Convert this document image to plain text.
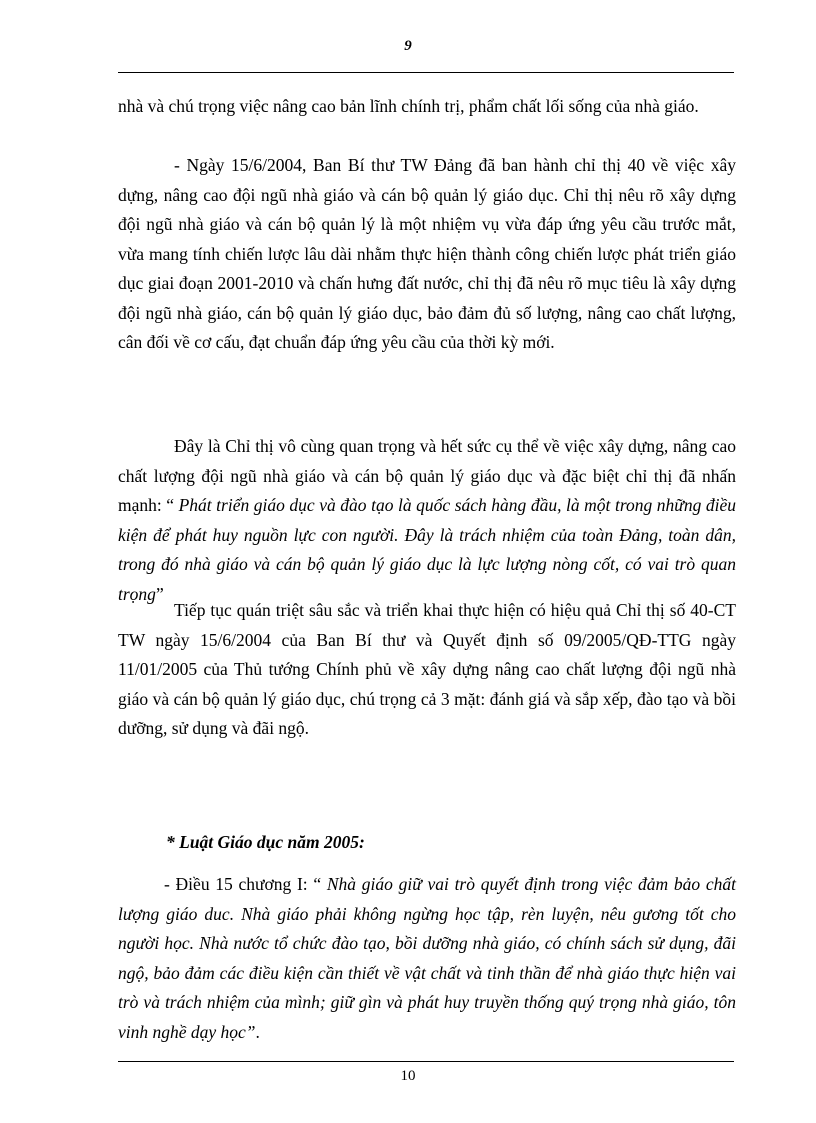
9

nhà và chú trọng việc nâng cao bản lĩnh chính trị, phẩm chất lối sống của nhà giáo.

- Ngày 15/6/2004, Ban Bí thư TW Đảng đã ban hành chỉ thị 40 về việc xây dựng, nâng cao đội ngũ nhà giáo và cán bộ quản lý giáo dục. Chỉ thị nêu rõ xây dựng đội ngũ nhà giáo và cán bộ quản lý là một nhiệm vụ vừa đáp ứng yêu cầu trước mắt, vừa mang tính chiến lược lâu dài nhằm thực hiện thành công chiến lược phát triển giáo dục giai đoạn 2001-2010 và chấn hưng đất nước, chỉ thị đã nêu rõ mục tiêu là xây dựng đội ngũ nhà giáo, cán bộ quản lý giáo dục, bảo đảm đủ số lượng, nâng cao chất lượng, cân đối về cơ cấu, đạt chuẩn đáp ứng yêu cầu của thời kỳ mới.

Đây là Chỉ thị vô cùng quan trọng và hết sức cụ thể về việc xây dựng, nâng cao chất lượng đội ngũ nhà giáo và cán bộ quản lý giáo dục và đặc biệt chỉ thị đã nhấn mạnh: “ Phát triển giáo dục và đào tạo là quốc sách hàng đầu, là một trong những điều kiện để phát huy nguồn lực con người. Đây là trách nhiệm của toàn Đảng, toàn dân, trong đó nhà giáo và cán bộ quản lý giáo dục là lực lượng nòng cốt, có vai trò quan trọng”

Tiếp tục quán triệt sâu sắc và triển khai thực hiện có hiệu quả Chỉ thị số 40-CT TW ngày 15/6/2004 của Ban Bí thư và Quyết định số 09/2005/QĐ-TTG ngày 11/01/2005 của Thủ tướng Chính phủ về xây dựng nâng cao chất lượng đội ngũ nhà giáo và cán bộ quản lý giáo dục, chú trọng cả 3 mặt: đánh giá và sắp xếp, đào tạo và bồi dưỡng, sử dụng và đãi ngộ.

* Luật Giáo dục năm 2005:

- Điều 15 chương I: “ Nhà giáo giữ vai trò quyết định trong việc đảm bảo chất lượng giáo duc. Nhà giáo phải không ngừng học tập, rèn luyện, nêu gương tốt cho người học. Nhà nước tổ chức đào tạo, bồi dưỡng nhà giáo, có chính sách sử dụng, đãi ngộ, bảo đảm các điều kiện cần thiết về vật chất và tinh thần để nhà giáo thực hiện vai trò và trách nhiệm của mình; giữ gìn và phát huy truyền thống quý trọng nhà giáo, tôn vinh nghề dạy học”.

10
